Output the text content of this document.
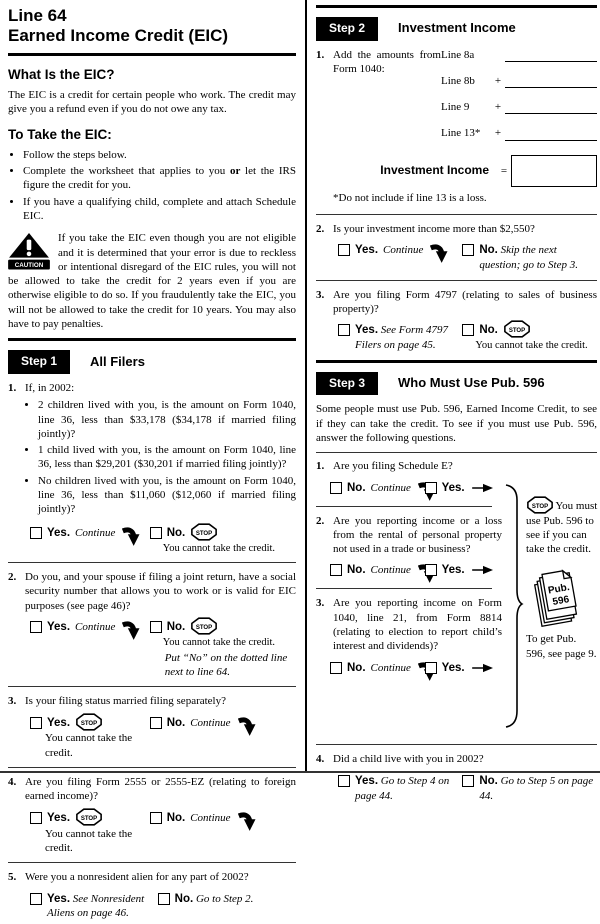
Line 64
Earned Income Credit (EIC)
What Is the EIC?

The EIC is a credit for certain people who work. The credit may give you a refund even if you do not owe any tax.

To Take the EIC:
• Follow the steps below.
• Complete the worksheet that applies to you or let the IRS figure the credit for you.
• If you have a qualifying child, complete and attach Schedule EIC.
CAUTION
If you take the EIC even though you are not eligible and it is determined that your error is due to reckless or intentional disregard of the EIC rules, you will not be allowed to take the credit for 2 years even if you are otherwise eligible to do so. If you fraudulently take the EIC, you will not be allowed to take the credit for 10 years. You may also have to pay penalties.
Step 1	All Filers
1. If, in 2002:
• 2 children lived with you, is the amount on Form 1040, line 36, less than $33,178 ($34,178 if married filing jointly)?
• 1 child lived with you, is the amount on Form 1040, line 36, less than $29,201 ($30,201 if married filing jointly)?
• No children lived with you, is the amount on Form 1040, line 36, less than $11,060 ($12,060 if married filing jointly)?
Yes. Continue	No.
You cannot take the credit.
2. Do you, and your spouse if filing a joint return, have a social security number that allows you to work or is valid for EIC purposes (see page 46)?
Yes. Continue	No.
You cannot take the credit.
Put “No” on the dotted line next to line 64.
3. Is your filing status married filing separately?
Yes.
You cannot take the credit.
No. Continue
4. Are you filing Form 2555 or 2555-EZ (relating to foreign earned income)?
Yes.
You cannot take the credit.
No. Continue
5. Were you a nonresident alien for any part of 2002?
Yes. See Nonresident Aliens on page 46.
No. Go to Step 2.
Step 2	Investment Income
1. Add the amounts from Form 1040:
Line 8a
Line 8b	+
Line 9	+
Line 13*	+
Investment Income	=
*Do not include if line 13 is a loss.
2. Is your investment income more than $2,550?
Yes. Continue	No. Skip the next question; go to Step 3.
3. Are you filing Form 4797 (relating to sales of business property)?
Yes. See Form 4797 Filers on page 45.
No.
You cannot take the credit.
Step 3	Who Must Use Pub. 596

Some people must use Pub. 596, Earned Income Credit, to see if they can take the credit. To see if you must use Pub. 596, answer the following questions.

1. Are you filing Schedule E?
No. Continue	Yes.
2. Are you reporting income or a loss from the rental of personal property not used in a trade or business?
No. Continue	Yes.
3. Are you reporting income on Form 1040, line 21, from Form 8814 (relating to election to report child’s interest and dividends)?
No. Continue	Yes.

You must use Pub. 596 to see if you can take the credit.

Pub.
596

To get Pub. 596, see page 9.

4. Did a child live with you in 2002?
Yes. Go to Step 4 on page 44.
No. Go to Step 5 on page 44.
